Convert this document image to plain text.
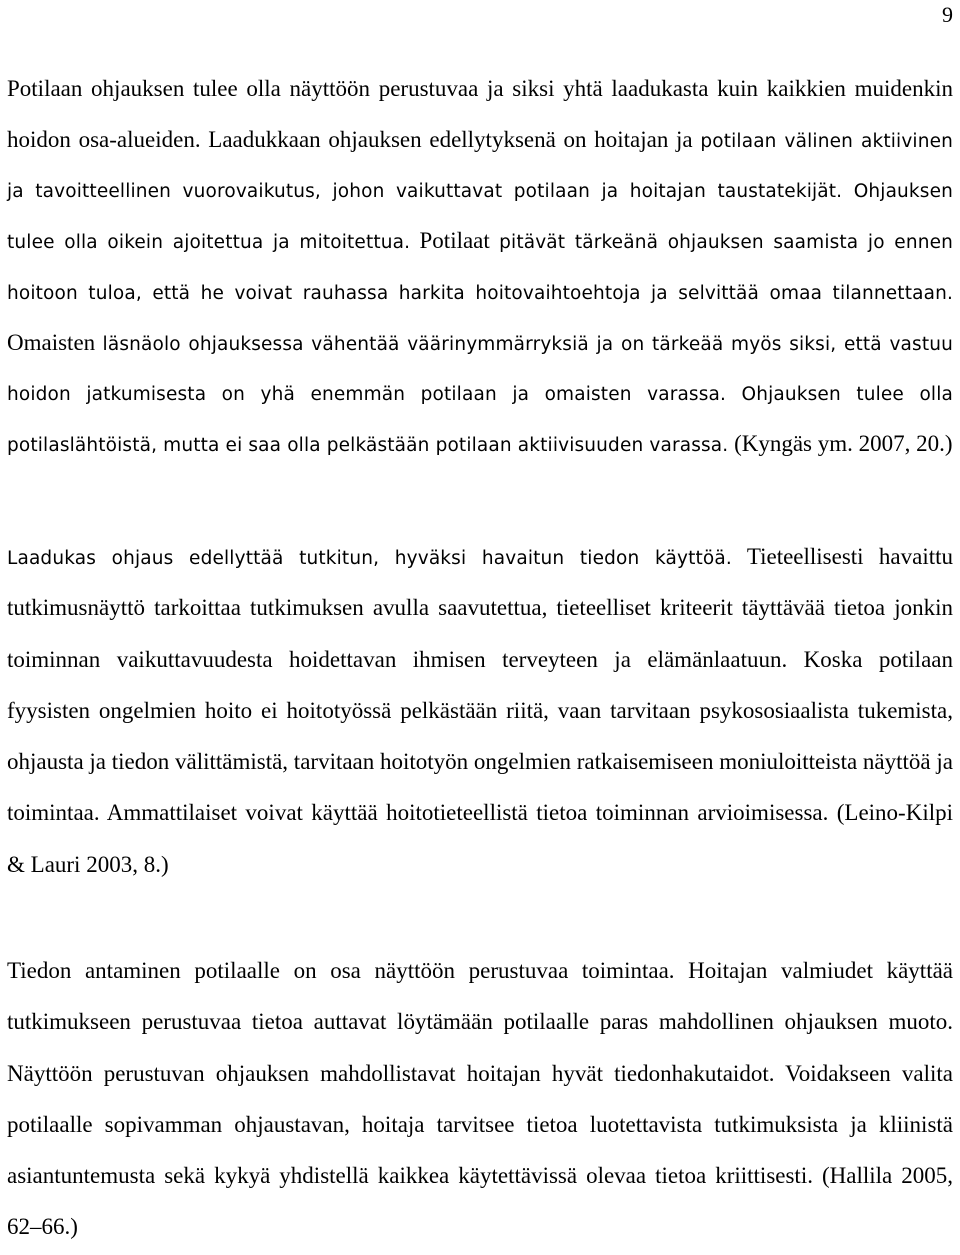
9

Potilaan ohjauksen tulee olla näyttöön perustuvaa ja siksi yhtä laadukasta kuin kaikkien muidenkin hoidon osa-alueiden. Laadukkaan ohjauksen edellytyksenä on hoitajan ja potilaan välinen aktiivinen ja tavoitteellinen vuorovaikutus, johon vaikuttavat potilaan ja hoitajan taustatekijät. Ohjauksen tulee olla oikein ajoitettua ja mitoitettua. Potilaat pitävät tärkeänä ohjauksen saamista jo ennen hoitoon tuloa, että he voivat rauhassa harkita hoitovaihtoehtoja ja selvittää omaa tilannettaan. Omaisten läsnäolo ohjauksessa vähentää väärinymmärryksiä ja on tärkeää myös siksi, että vastuu hoidon jatkumisesta on yhä enemmän potilaan ja omaisten varassa. Ohjauksen tulee olla potilaslähtöistä, mutta ei saa olla pelkästään potilaan aktiivisuuden varassa. (Kyngäs ym. 2007, 20.)

Laadukas ohjaus edellyttää tutkitun, hyväksi havaitun tiedon käyttöä. Tieteellisesti havaittu tutkimusnäyttö tarkoittaa tutkimuksen avulla saavutettua, tieteelliset kriteerit täyttävää tietoa jonkin toiminnan vaikuttavuudesta hoidettavan ihmisen terveyteen ja elämänlaatuun. Koska potilaan fyysisten ongelmien hoito ei hoitotyössä pelkästään riitä, vaan tarvitaan psykososiaalista tukemista, ohjausta ja tiedon välittämistä, tarvitaan hoitotyön ongelmien ratkaisemiseen moniuloitteista näyttöä ja toimintaa. Ammattilaiset voivat käyttää hoitotieteellistä tietoa toiminnan arvioimisessa. (Leino-Kilpi & Lauri 2003, 8.)

Tiedon antaminen potilaalle on osa näyttöön perustuvaa toimintaa. Hoitajan valmiudet käyttää tutkimukseen perustuvaa tietoa auttavat löytämään potilaalle paras mahdollinen ohjauksen muoto. Näyttöön perustuvan ohjauksen mahdollistavat hoitajan hyvät tiedonhakutaidot. Voidakseen valita potilaalle sopivamman ohjaustavan, hoitaja tarvitsee tietoa luotettavista tutkimuksista ja kliinistä asiantuntemusta sekä kykyä yhdistellä kaikkea käytettävissä olevaa tietoa kriittisesti. (Hallila 2005, 62–66.)
